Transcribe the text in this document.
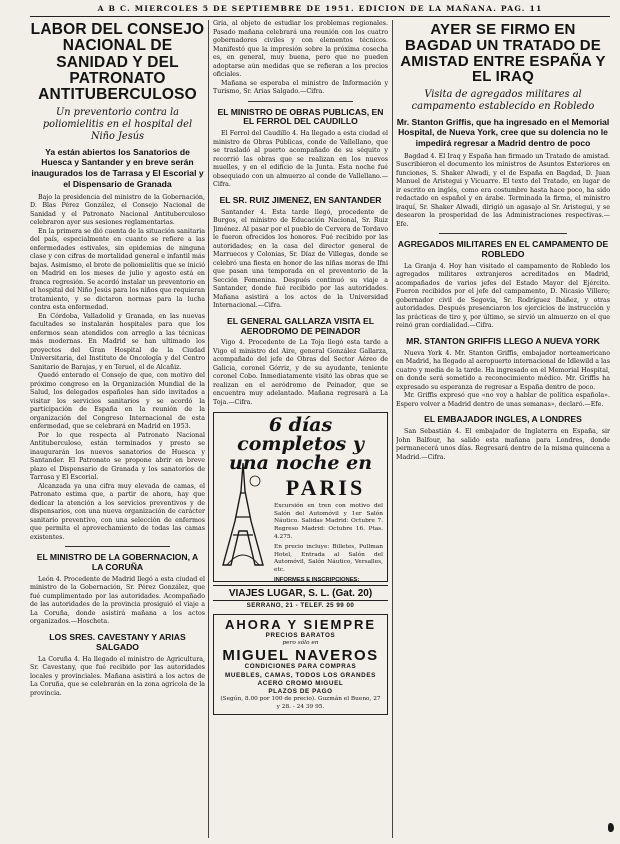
A B C. MIERCOLES 5 DE SEPTIEMBRE DE 1951. EDICION DE LA MAÑANA. PAG. 11
LABOR DEL CONSEJO NACIONAL DE SANIDAD Y DEL PATRONATO ANTITUBERCULOSO
Un preventorio contra la poliomielitis en el hospital del Niño Jesús
Ya están abiertos los Sanatorios de Huesca y Santander y en breve serán inaugurados los de Tarrasa y El Escorial y el Dispensario de Granada

Bajo la presidencia del ministro de la Gobernación, D. Blas Pérez González, el Consejo Nacional de Sanidad y el Patronato Nacional Antituberculoso celebraron ayer sus sesiones reglamentarias.

En la primera se dió cuenta de la situación sanitaria del país, especialmente en cuanto se refiere a las enfermedades estivales, sin epidemias de ninguna clase y con cifras de mortalidad general e infantil más bajas. Asimismo, el brote de poliomielitis que se inició en Madrid en los meses de julio y agosto está en franca regresión. Se acordó instalar un preventorio en el hospital del Niño Jesús para los niños que requieran tratamiento, y se dictaron normas para la lucha contra esta enfermedad.

En Córdoba, Valladolid y Granada, en las nuevas facultades se instalarán hospitales para que los enfermos sean atendidos con arreglo a las técnicas más modernas. En Madrid se han ultimado los proyectos del Gran Hospital de la Ciudad Universitaria, del Instituto de Oncología y del Centro Sanitario de Barajas, y en Teruel, el de Alcañiz.

Quedó enterado el Consejo de que, con motivo del próximo congreso en la Organización Mundial de la Salud, los delegados españoles han sido invitados a visitar los servicios sanitarios y se acordó la participación de España en la reunión de la organización del Congreso Internacional de esta enfermedad, que se celebrará en Madrid en 1953.

Por lo que respecta al Patronato Nacional Antituberculoso, están terminados y presto se inaugurarán los nuevos sanatorios de Huesca y Santander. El Patronato se propone abrir en breve plazo el Dispensario de Granada y los sanatorios de Tarrasa y El Escorial.

Alcanzada ya una cifra muy elevada de camas, el Patronato estima que, a partir de ahora, hay que dedicar la atención a los servicios preventivos y de dispensarios, con una nueva organización de carácter sanitario preventivo, con una selección de enfermos que permita el aprovechamiento de todas las camas existentes.

EL MINISTRO DE LA GOBERNACION, A LA CORUÑA

León 4. Procedente de Madrid llegó a esta ciudad el ministro de la Gobernación, Sr. Pérez González, que fué cumplimentado por las autoridades. Acompañado de las autoridades de la provincia prosiguió el viaje a La Coruña, donde asistirá mañana a los actos organizados.—Hoscheta.

LOS SRES. CAVESTANY Y ARIAS SALGADO

La Coruña 4. Ha llegado el ministro de Agricultura, Sr. Cavestany, que fué recibido por las autoridades locales y provinciales. Mañana asistirá a los actos de La Coruña, que se celebrarán en la zona agrícola de la provincia.

Gría, al objeto de estudiar los problemas regionales. Pasado mañana celebrará una reunión con los cuatro gobernadores civiles y con elementos técnicos. Manifestó que la impresión sobre la próxima cosecha es, en general, muy buena, pero que no pueden adoptarse aún medidas que se refieran a los precios oficiales.

Mañana se esperaba el ministro de Información y Turismo, Sr. Arias Salgado.—Cifra.

EL MINISTRO DE OBRAS PUBLICAS, EN EL FERROL DEL CAUDILLO

El Ferrol del Caudillo 4. Ha llegado a esta ciudad el ministro de Obras Públicas, conde de Vallellano, que se trasladó al puerto acompañado de su séquito y recorrió las obras que se realizan en los nuevos muelles, y en el edificio de la Junta. Esta noche fué obsequiado con un almuerzo al conde de Vallellano.—Cifra.

EL SR. RUIZ JIMENEZ, EN SANTANDER

Santander 4. Esta tarde llegó, procedente de Burgos, el ministro de Educación Nacional, Sr. Ruiz Jiménez. Al pasar por el pueblo de Cervera de Tordavo le fueron ofrecidos los honores. Fué recibido por las autoridades; en la casa del director general de Marruecos y Colonias, Sr. Díaz de Villegas, donde se celebró una fiesta en honor de las niñas moras de Ifni que pasan una temporada en el preventorio de la Sección Femenina. Después continuó su viaje a Santander, donde fué recibido por las autoridades. Mañana asistirá a los actos de la Universidad Internacional.—Cifra.

EL GENERAL GALLARZA VISITA EL AERODROMO DE PEINADOR

Vigo 4. Procedente de La Toja llegó esta tarde a Vigo el ministro del Aire, general González Gallarza, acompañado del jefe de Obras del Sector Aéreo de Galicia, coronel Górriz, y de su ayudante, teniente coronel Cobo. Inmediatamente visitó las obras que se realizan en el aeródromo de Peinador, que se encuentra muy adelantado. Mañana regresará a La Toja.—Cifra.

6 días completos y
una noche en
PARIS
Excursión en tren con motivo del Salón del Automóvil y 1er Salón Náutico. Salidas Madrid: Octubre 7. Regreso Madrid: Octubre 16. Ptas. 4.275.
En precio incluye: Billetes, Pullman Hotel, Entrada al Salón del Automóvil, Salón Náutico, Versalles, etc.
INFORMES E INSCRIPCIONES:
VIAJES LUGAR, S. L. (Gat. 20)
SERRANO, 21 - TELEF. 25 99 00
AHORA Y SIEMPRE
PRECIOS BARATOS
pero sólo en
MIGUEL NAVEROS
CONDICIONES PARA COMPRAS
MUEBLES, CAMAS, TODOS LOS GRANDES ACERO CROMO MIGUEL
PLAZOS DE PAGO
(Según, 8.00 por 100 de precio). Guzmán el Bueno, 27 y 28. - 24 39 95.
AYER SE FIRMO EN BAGDAD UN TRATADO DE AMISTAD ENTRE ESPAÑA Y EL IRAQ
Visita de agregados militares al campamento establecido en Robledo
Mr. Stanton Griffis, que ha ingresado en el Memorial Hospital, de Nueva York, cree que su dolencia no le impedirá regresar a Madrid dentro de poco

Bagdad 4. El Iraq y España han firmado un Tratado de amistad. Suscribieron el documento los ministros de Asuntos Exteriores en funciones, S. Shaker Alwadi, y el de España en Bagdad, D. Juan Manuel de Aristegui y Vicuarre. El texto del Tratado, en lugar de ir escrito en inglés, como era costumbre hasta hace poco, ha sido redactado en español y en árabe. Terminada la firma, el ministro iraquí, Sr. Shaker Alwadi, dirigió un agasajo al Sr. Aristegui, y se desearon la prosperidad de las Administraciones respectivas.—Efe.

AGREGADOS MILITARES EN EL CAMPAMENTO DE ROBLEDO

La Granja 4. Hoy han visitado el campamento de Robledo los agregados militares extranjeros acreditados en Madrid, acompañados de varios jefes del Estado Mayor del Ejército. Fueron recibidos por el jefe del campamento, D. Nicasio Villero; gobernador civil de Segovia, Sr. Rodríguez Ibáñez, y otras autoridades. Después presenciaron los ejercicios de instrucción y las prácticas de tiro y, por último, se sirvió un almuerzo en el que reinó gran cordialidad.—Cifra.

MR. STANTON GRIFFIS LLEGO A NUEVA YORK

Nueva York 4. Mr. Stanton Griffis, embajador norteamericano en Madrid, ha llegado al aeropuerto internacional de Idlewild a las cuatro y media de la tarde. Ha ingresado en el Memorial Hospital, en donde será sometido a reconocimiento médico. Mr. Griffis ha expresado su esperanza de regresar a España dentro de poco.

Mr. Griffis expresó que «no voy a hablar de política española». Espero volver a Madrid dentro de unas semanas», declaró.—Efe.

EL EMBAJADOR INGLES, A LONDRES

San Sebastián 4. El embajador de Inglaterra en España, sir John Balfour, ha salido esta mañana para Londres, donde permanecerá unos días. Regresará dentro de la misma quincena a Madrid.—Cifra.
